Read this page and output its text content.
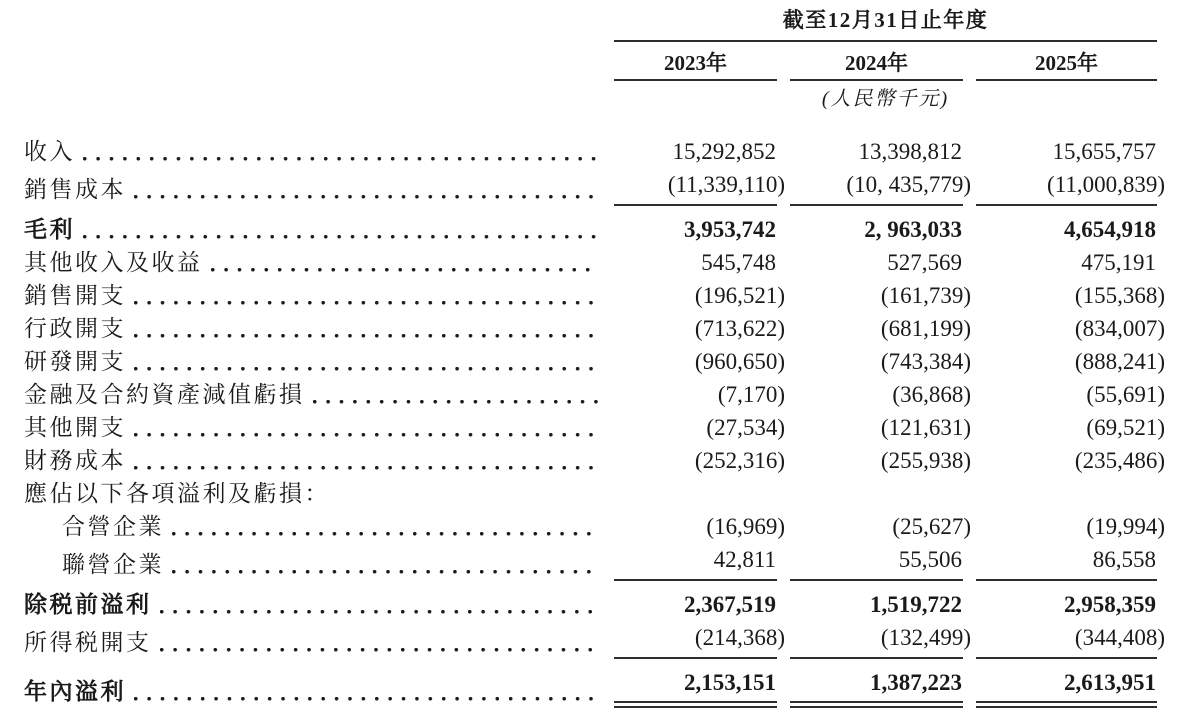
	截至12月31日止年度		
	2023年	2024年	2025年
	(人民幣千元)		

收入	15,292,852	13,398,812	15,655,757

銷售成本	(11,339,110)	(10, 435,779)	(11,000,839)

毛利	3,953,742	2, 963,033	4,654,918

其他收入及收益	545,748	527,569	475,191

銷售開支	(196,521)	(161,739)	(155,368)

行政開支	(713,622)	(681,199)	(834,007)

研發開支	(960,650)	(743,384)	(888,241)

金融及合約資產減值虧損	(7,170)	(36,868)	(55,691)

其他開支	(27,534)	(121,631)	(69,521)

財務成本	(252,316)	(255,938)	(235,486)

應佔以下各項溢利及虧損：			

合營企業	(16,969)	(25,627)	(19,994)

聯營企業	42,811	55,506	86,558

除税前溢利	2,367,519	1,519,722	2,958,359

所得税開支	(214,368)	(132,499)	(344,408)

年內溢利	2,153,151	1,387,223	2,613,951
